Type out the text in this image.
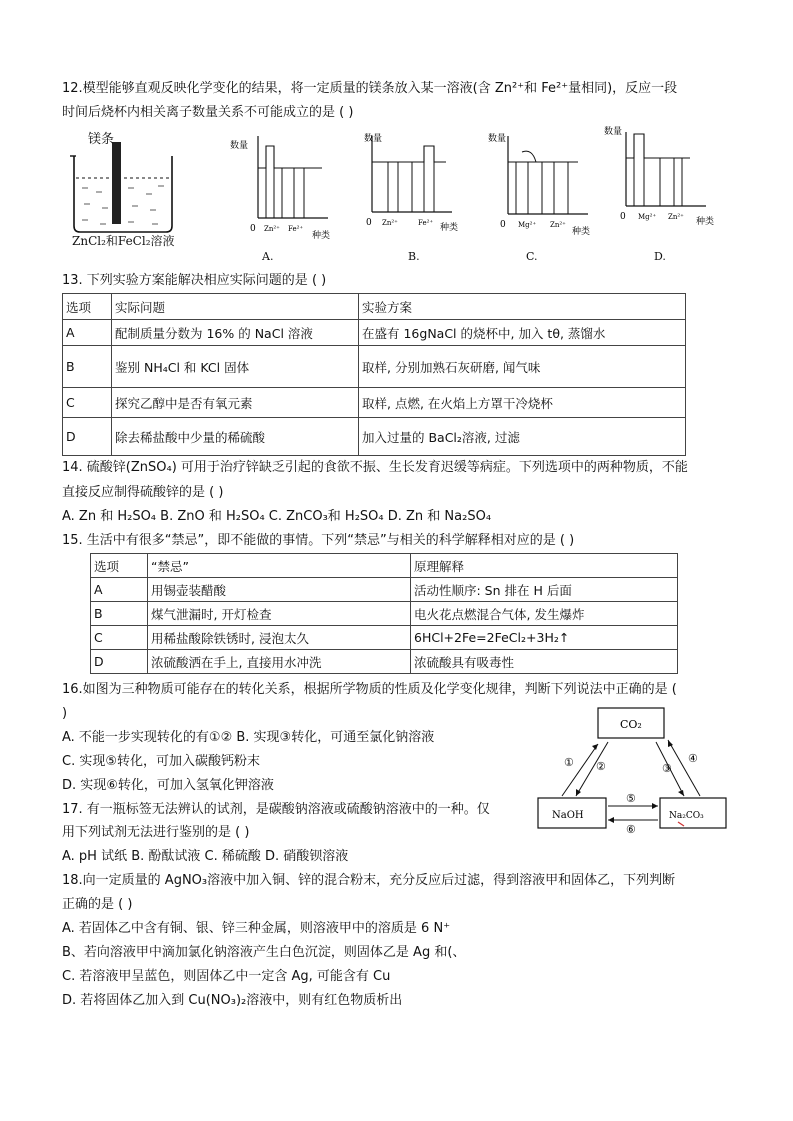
12.模型能够直观反映化学变化的结果，将一定质量的镁条放入某一溶液(含 Zn²⁺和 Fe²⁺量相同)，反应一段
时间后烧杯内相关离子数量关系不可能成立的是 ( )
镁条
ZnCl₂和FeCl₂溶液
数量
0 Zn²⁺ Fe²⁺
种类
A.
数量
0 Zn²⁺	Fe²⁺ 种类
B.
数量
0 Mg²⁺ Zn²⁺
种类
C.
数量
0 Mg²⁺ Zn²⁺ 种类
D.
13. 下列实验方案能解决相应实际问题的是 ( )
选项	实际问题	实验方案
A	配制质量分数为 16% 的 NaCl 溶液	在盛有 16gNaCl 的烧杯中, 加入 tθ, 蒸馏水
B	鉴别 NH₄Cl 和 KCl 固体	取样, 分别加熟石灰研磨, 闻气味
C	探究乙醇中是否有氧元素	取样, 点燃, 在火焰上方罩干冷烧杯
D	除去稀盐酸中少量的稀硫酸	加入过量的 BaCl₂溶液, 过滤
14. 硫酸锌(ZnSO₄) 可用于治疗锌缺乏引起的食欲不振、生长发育迟缓等病症。下列选项中的两种物质，不能
直接反应制得硫酸锌的是 ( )
A. Zn 和 H₂SO₄ B. ZnO 和 H₂SO₄ C. ZnCO₃和 H₂SO₄ D. Zn 和 Na₂SO₄
15. 生活中有很多“禁忌”，即不能做的事情。下列“禁忌”与相关的科学解释相对应的是 ( )
选项	“禁忌”	原理解释
A	用锡壶装醋酸	活动性顺序: Sn 排在 H 后面
B	煤气泄漏时, 开灯检查	电火花点燃混合气体, 发生爆炸
C	用稀盐酸除铁锈时, 浸泡太久	6HCl+2Fe=2FeCl₂+3H₂↑
D	浓硫酸洒在手上, 直接用水冲洗	浓硫酸具有吸毒性
16.如图为三种物质可能存在的转化关系，根据所学物质的性质及化学变化规律，判断下列说法中正确的是 (
)
A. 不能一步实现转化的有①② B. 实现③转化，可通至氯化钠溶液
C. 实现⑤转化，可加入碳酸钙粉末
D. 实现⑥转化，可加入氢氧化钾溶液
CO₂
NaOH	Na₂CO₃
① ②	③
④
⑤
⑥
17. 有一瓶标签无法辨认的试剂，是碳酸钠溶液或硫酸钠溶液中的一种。仅
用下列试剂无法进行鉴别的是 ( )
A. pH 试纸 B. 酚酞试液 C. 稀硫酸 D. 硝酸钡溶液
18.向一定质量的 AgNO₃溶液中加入铜、锌的混合粉末，充分反应后过滤，得到溶液甲和固体乙，下列判断
正确的是 ( )
A. 若固体乙中含有铜、银、锌三种金属，则溶液甲中的溶质是 6 N⁺
B、若向溶液甲中滴加氯化钠溶液产生白色沉淀，则固体乙是 Ag 和(、
C. 若溶液甲呈蓝色，则固体乙中一定含 Ag, 可能含有 Cu
D. 若将固体乙加入到 Cu(NO₃)₂溶液中，则有红色物质析出
